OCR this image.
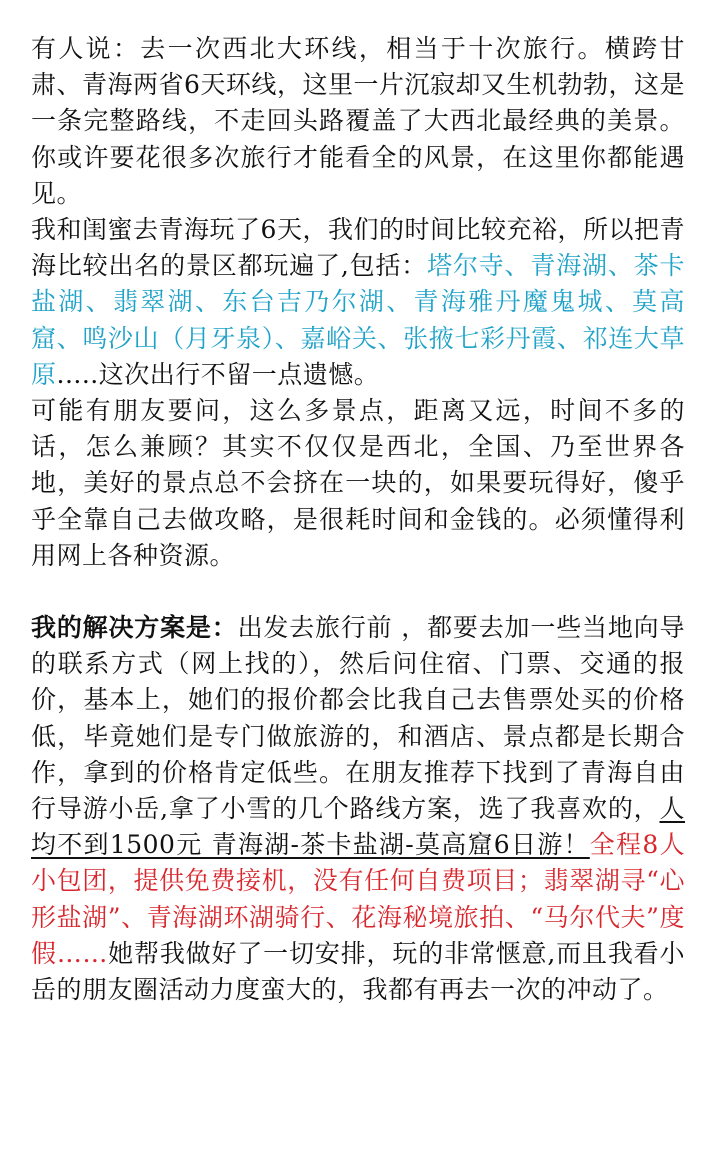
有人说：去一次西北大环线，相当于十次旅行。横跨甘肃、青海两省6天环线，这里一片沉寂却又生机勃勃，这是一条完整路线，不走回头路覆盖了大西北最经典的美景。你或许要花很多次旅行才能看全的风景，在这里你都能遇见。

我和闺蜜去青海玩了6天，我们的时间比较充裕，所以把青海比较出名的景区都玩遍了,包括：塔尔寺、青海湖、茶卡盐湖、翡翠湖、东台吉乃尔湖、青海雅丹魔鬼城、莫高窟、鸣沙山（月牙泉）、嘉峪关、张掖七彩丹霞、祁连大草原.....这次出行不留一点遗憾。

可能有朋友要问，这么多景点，距离又远，时间不多的话，怎么兼顾？其实不仅仅是西北，全国、乃至世界各地，美好的景点总不会挤在一块的，如果要玩得好，傻乎乎全靠自己去做攻略，是很耗时间和金钱的。必须懂得利用网上各种资源。

我的解决方案是：出发去旅行前 ，都要去加一些当地向导的联系方式（网上找的），然后问住宿、门票、交通的报价，基本上，她们的报价都会比我自己去售票处买的价格低，毕竟她们是专门做旅游的，和酒店、景点都是长期合作，拿到的价格肯定低些。在朋友推荐下找到了青海自由行导游小岳,拿了小雪的几个路线方案，选了我喜欢的，人均不到1500元 青海湖-茶卡盐湖-莫高窟6日游！全程8人小包团，提供免费接机，没有任何自费项目；翡翠湖寻“心形盐湖”、青海湖环湖骑行、花海秘境旅拍、“马尔代夫”度假……她帮我做好了一切安排，玩的非常惬意,而且我看小岳的朋友圈活动力度蛮大的，我都有再去一次的冲动了。
